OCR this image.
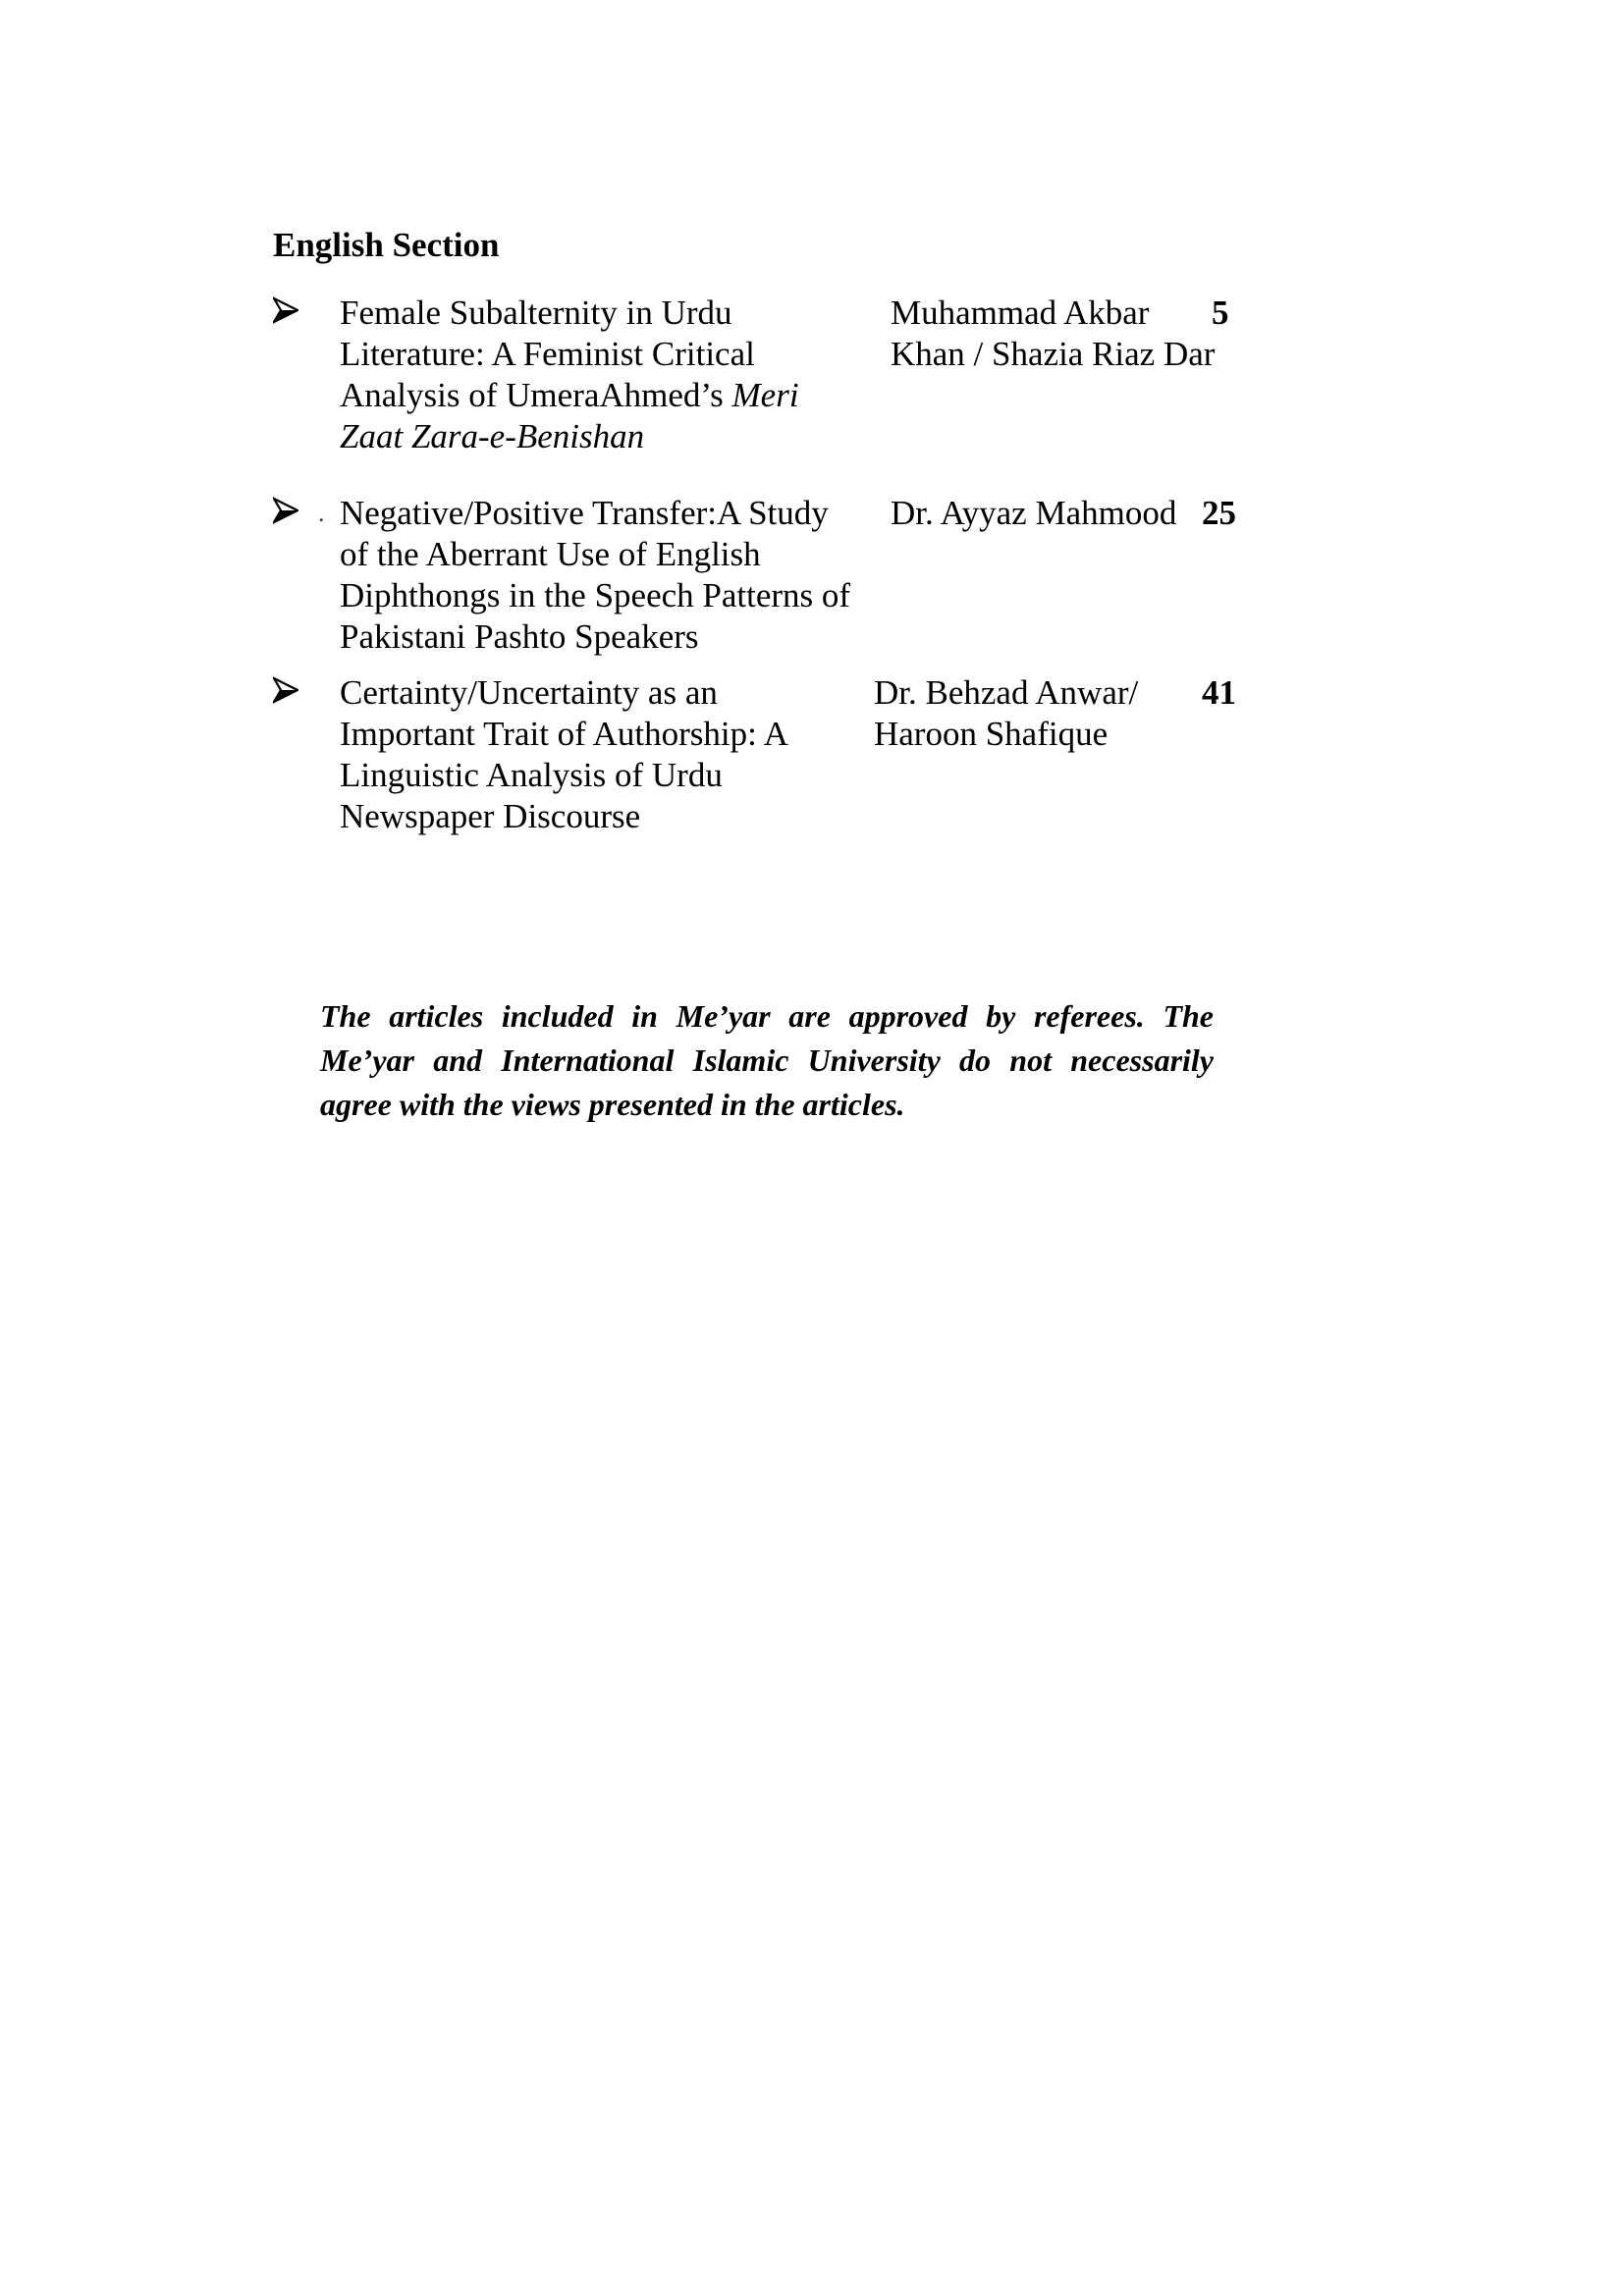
English Section

Female Subalternity in Urdu Literature: A Feminist Critical Analysis of UmeraAhmed’s Meri Zaat Zara-e-Benishan

Muhammad Akbar Khan / Shazia Riaz Dar

5

. Negative/Positive Transfer:A Study of the Aberrant Use of English Diphthongs in the Speech Patterns of Pakistani Pashto Speakers

Dr. Ayyaz Mahmood 25

Certainty/Uncertainty as an Important Trait of Authorship: A Linguistic Analysis of Urdu Newspaper Discourse

Dr. Behzad Anwar/ Haroon Shafique

41

The articles included in Me’yar are approved by referees. The Me’yar and International Islamic University do not necessarily agree with the views presented in the articles.
